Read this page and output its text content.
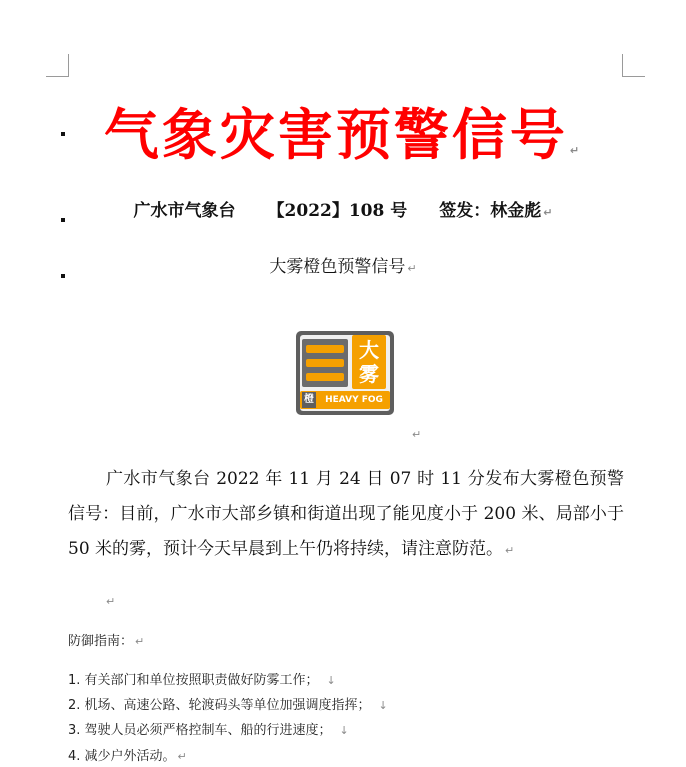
气象灾害预警信号 ↵
广水市气象台 【2022】108 号 签发：林金彪 ↵
大雾橙色预警信号 ↵
大
雾
橙	HEAVY FOG
↵
广水市气象台 2022 年 11 月 24 日 07 时 11 分发布大雾橙色预警信号：目前，广水市大部乡镇和街道出现了能见度小于 200 米、局部小于 50 米的雾，预计今天早晨到上午仍将持续，请注意防范。 ↵
↵
防御指南： ↵
1. 有关部门和单位按照职责做好防雾工作； ↓
2. 机场、高速公路、轮渡码头等单位加强调度指挥； ↓
3. 驾驶人员必须严格控制车、船的行进速度； ↓
4. 减少户外活动。 ↵
